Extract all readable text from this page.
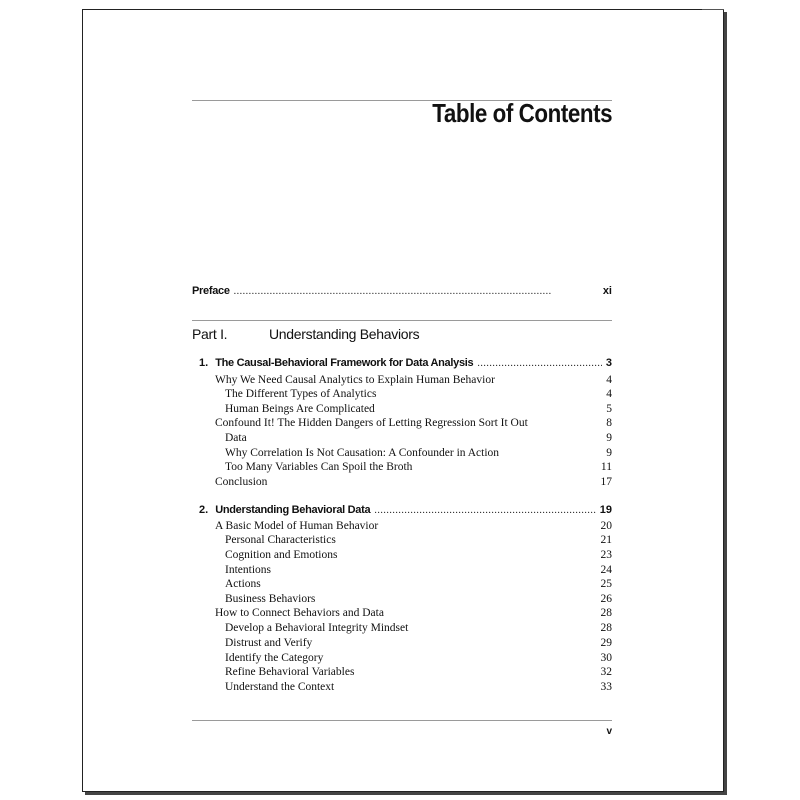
Table of Contents
Preface . . .	xi
Part I.	Understanding Behaviors
1. The Causal-Behavioral Framework for Data Analysis . . .	3
Why We Need Causal Analytics to Explain Human Behavior	4
The Different Types of Analytics	4
Human Beings Are Complicated	5
Confound It! The Hidden Dangers of Letting Regression Sort It Out	8
Data	9
Why Correlation Is Not Causation: A Confounder in Action	9
Too Many Variables Can Spoil the Broth	11
Conclusion	17
2. Understanding Behavioral Data . . .	19
A Basic Model of Human Behavior	20
Personal Characteristics	21
Cognition and Emotions	23
Intentions	24
Actions	25
Business Behaviors	26
How to Connect Behaviors and Data	28
Develop a Behavioral Integrity Mindset	28
Distrust and Verify	29
Identify the Category	30
Refine Behavioral Variables	32
Understand the Context	33
v
